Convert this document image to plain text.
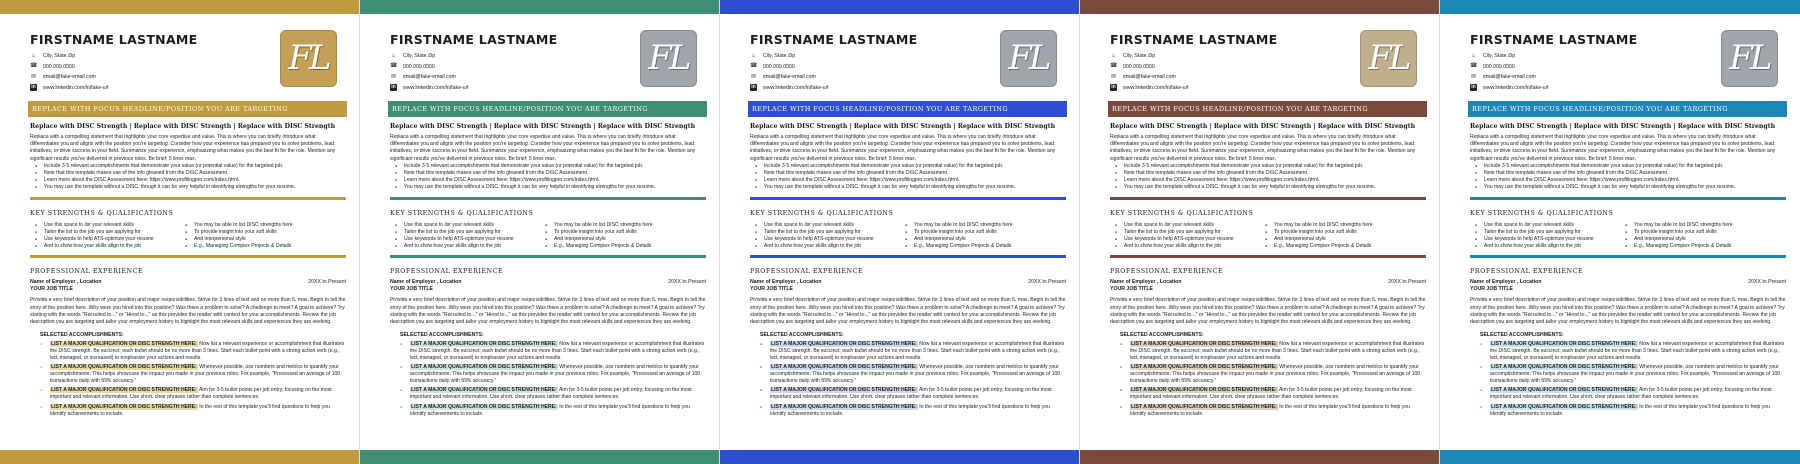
FIRSTNAME LASTNAME
⌂	City, State Zip
☎ 000.000.0000
✉ email@fake-email.com
in www.linkedin.com/in/fake-url
FL
REPLACE WITH FOCUS HEADLINE/POSITION YOU ARE TARGETING
Replace with DISC Strength | Replace with DISC Strength | Replace with DISC Strength
Replace with a compelling statement that highlights your core expertise and value. This is where you can briefly introduce what differentiates you and aligns with the position you're targeting. Consider how your experience has prepared you to solve problems, lead initiatives, or drive success in your field. Summarize your experience, emphasizing what makes you the best fit for the role. Mention any significant results you've delivered in previous roles. Be brief; 5 lines max.
● Include 3-5 relevant accomplishments that demonstrate your value (or potential value) for the targeted job.
● Note that this template makes use of the info gleaned from the DISC Assessment.
● Learn more about the DISC Assessment here: https://www.profilingpro.com/index.html.
● You may use the template without a DISC, though it can be very helpful in identifying strengths for your resume.
KEY STRENGTHS & QUALIFICATIONS
● Use this space to list your relevant skills
● Tailor the list to the job you are applying for
● Use keywords to help ATS-optimize your resume
● And to show how your skills align to the job
● You may be able to list DISC strengths here
● To provide insight into your soft skills
● And interpersonal style
● E.g., Managing Complex Projects & Details
PROFESSIONAL EXPERIENCE
Name of Employer , Location	20XX to Present
YOUR JOB TITLE
Provide a very brief description of your position and major responsibilities. Strive for 3 lines of text and no more than 5, max. Begin to tell the story of the position here. Why were you hired into this position? Was there a problem to solve? A challenge to meet? A goal to achieve? Try starting with the words "Recruited to..." or "Hired to..." as this provides the reader with context for your accomplishments. Review the job description you are targeting and tailor your employment history to highlight the most relevant skills and experiences they are seeking.
SELECTED ACCOMPLISHMENTS:
● LIST A MAJOR QUALIFICATION OR DISC STRENGTH HERE: Now list a relevant experience or accomplishment that illustrates the DISC strength. Be succinct; each bullet should be no more than 3 lines. Start each bullet point with a strong action verb (e.g., led, managed, or increased) to emphasize your actions and results.
● LIST A MAJOR QUALIFICATION OR DISC STRENGTH HERE: Whenever possible, use numbers and metrics to quantify your accomplishments. This helps showcase the impact you made in your previous roles. For example, "Processed an average of 100 transactions daily with 99% accuracy."
● LIST A MAJOR QUALIFICATION OR DISC STRENGTH HERE: Aim for 3-5 bullet points per job entry, focusing on the most important and relevant information. Use short, clear phrases rather than complete sentences.
● LIST A MAJOR QUALIFICATION OR DISC STRENGTH HERE: In the rest of this template you'll find questions to help you identify achievements to include.
FIRSTNAME LASTNAME
⌂	City, State Zip
☎ 000.000.0000
✉ email@fake-email.com
in www.linkedin.com/in/fake-url
FL
REPLACE WITH FOCUS HEADLINE/POSITION YOU ARE TARGETING
Replace with DISC Strength | Replace with DISC Strength | Replace with DISC Strength
Replace with a compelling statement that highlights your core expertise and value. This is where you can briefly introduce what differentiates you and aligns with the position you're targeting. Consider how your experience has prepared you to solve problems, lead initiatives, or drive success in your field. Summarize your experience, emphasizing what makes you the best fit for the role. Mention any significant results you've delivered in previous roles. Be brief; 5 lines max.
● Include 3-5 relevant accomplishments that demonstrate your value (or potential value) for the targeted job.
● Note that this template makes use of the info gleaned from the DISC Assessment.
● Learn more about the DISC Assessment here: https://www.profilingpro.com/index.html.
● You may use the template without a DISC, though it can be very helpful in identifying strengths for your resume.
KEY STRENGTHS & QUALIFICATIONS
● Use this space to list your relevant skills
● Tailor the list to the job you are applying for
● Use keywords to help ATS-optimize your resume
● And to show how your skills align to the job
● You may be able to list DISC strengths here
● To provide insight into your soft skills
● And interpersonal style
● E.g., Managing Complex Projects & Details
PROFESSIONAL EXPERIENCE
Name of Employer , Location	20XX to Present
YOUR JOB TITLE
Provide a very brief description of your position and major responsibilities. Strive for 3 lines of text and no more than 5, max. Begin to tell the story of the position here. Why were you hired into this position? Was there a problem to solve? A challenge to meet? A goal to achieve? Try starting with the words "Recruited to..." or "Hired to..." as this provides the reader with context for your accomplishments. Review the job description you are targeting and tailor your employment history to highlight the most relevant skills and experiences they are seeking.
SELECTED ACCOMPLISHMENTS:
● LIST A MAJOR QUALIFICATION OR DISC STRENGTH HERE: Now list a relevant experience or accomplishment that illustrates the DISC strength. Be succinct; each bullet should be no more than 3 lines. Start each bullet point with a strong action verb (e.g., led, managed, or increased) to emphasize your actions and results.
● LIST A MAJOR QUALIFICATION OR DISC STRENGTH HERE: Whenever possible, use numbers and metrics to quantify your accomplishments. This helps showcase the impact you made in your previous roles. For example, "Processed an average of 100 transactions daily with 99% accuracy."
● LIST A MAJOR QUALIFICATION OR DISC STRENGTH HERE: Aim for 3-5 bullet points per job entry, focusing on the most important and relevant information. Use short, clear phrases rather than complete sentences.
● LIST A MAJOR QUALIFICATION OR DISC STRENGTH HERE: In the rest of this template you'll find questions to help you identify achievements to include.
FIRSTNAME LASTNAME
⌂	City, State Zip
☎ 000.000.0000
✉ email@fake-email.com
in www.linkedin.com/in/fake-url
FL
REPLACE WITH FOCUS HEADLINE/POSITION YOU ARE TARGETING
Replace with DISC Strength | Replace with DISC Strength | Replace with DISC Strength
Replace with a compelling statement that highlights your core expertise and value. This is where you can briefly introduce what differentiates you and aligns with the position you're targeting. Consider how your experience has prepared you to solve problems, lead initiatives, or drive success in your field. Summarize your experience, emphasizing what makes you the best fit for the role. Mention any significant results you've delivered in previous roles. Be brief; 5 lines max.
● Include 3-5 relevant accomplishments that demonstrate your value (or potential value) for the targeted job.
● Note that this template makes use of the info gleaned from the DISC Assessment.
● Learn more about the DISC Assessment here: https://www.profilingpro.com/index.html.
● You may use the template without a DISC, though it can be very helpful in identifying strengths for your resume.
KEY STRENGTHS & QUALIFICATIONS
● Use this space to list your relevant skills
● Tailor the list to the job you are applying for
● Use keywords to help ATS-optimize your resume
● And to show how your skills align to the job
● You may be able to list DISC strengths here
● To provide insight into your soft skills
● And interpersonal style
● E.g., Managing Complex Projects & Details
PROFESSIONAL EXPERIENCE
Name of Employer , Location	20XX to Present
YOUR JOB TITLE
Provide a very brief description of your position and major responsibilities. Strive for 3 lines of text and no more than 5, max. Begin to tell the story of the position here. Why were you hired into this position? Was there a problem to solve? A challenge to meet? A goal to achieve? Try starting with the words "Recruited to..." or "Hired to..." as this provides the reader with context for your accomplishments. Review the job description you are targeting and tailor your employment history to highlight the most relevant skills and experiences they are seeking.
SELECTED ACCOMPLISHMENTS:
● LIST A MAJOR QUALIFICATION OR DISC STRENGTH HERE: Now list a relevant experience or accomplishment that illustrates the DISC strength. Be succinct; each bullet should be no more than 3 lines. Start each bullet point with a strong action verb (e.g., led, managed, or increased) to emphasize your actions and results.
● LIST A MAJOR QUALIFICATION OR DISC STRENGTH HERE: Whenever possible, use numbers and metrics to quantify your accomplishments. This helps showcase the impact you made in your previous roles. For example, "Processed an average of 100 transactions daily with 99% accuracy."
● LIST A MAJOR QUALIFICATION OR DISC STRENGTH HERE: Aim for 3-5 bullet points per job entry, focusing on the most important and relevant information. Use short, clear phrases rather than complete sentences.
● LIST A MAJOR QUALIFICATION OR DISC STRENGTH HERE: In the rest of this template you'll find questions to help you identify achievements to include.
FIRSTNAME LASTNAME
⌂	City, State Zip
☎ 000.000.0000
✉ email@fake-email.com
in www.linkedin.com/in/fake-url
FL
REPLACE WITH FOCUS HEADLINE/POSITION YOU ARE TARGETING
Replace with DISC Strength | Replace with DISC Strength | Replace with DISC Strength
Replace with a compelling statement that highlights your core expertise and value. This is where you can briefly introduce what differentiates you and aligns with the position you're targeting. Consider how your experience has prepared you to solve problems, lead initiatives, or drive success in your field. Summarize your experience, emphasizing what makes you the best fit for the role. Mention any significant results you've delivered in previous roles. Be brief; 5 lines max.
● Include 3-5 relevant accomplishments that demonstrate your value (or potential value) for the targeted job.
● Note that this template makes use of the info gleaned from the DISC Assessment.
● Learn more about the DISC Assessment here: https://www.profilingpro.com/index.html.
● You may use the template without a DISC, though it can be very helpful in identifying strengths for your resume.
KEY STRENGTHS & QUALIFICATIONS
● Use this space to list your relevant skills
● Tailor the list to the job you are applying for
● Use keywords to help ATS-optimize your resume
● And to show how your skills align to the job
● You may be able to list DISC strengths here
● To provide insight into your soft skills
● And interpersonal style
● E.g., Managing Complex Projects & Details
PROFESSIONAL EXPERIENCE
Name of Employer , Location	20XX to Present
YOUR JOB TITLE
Provide a very brief description of your position and major responsibilities. Strive for 3 lines of text and no more than 5, max. Begin to tell the story of the position here. Why were you hired into this position? Was there a problem to solve? A challenge to meet? A goal to achieve? Try starting with the words "Recruited to..." or "Hired to..." as this provides the reader with context for your accomplishments. Review the job description you are targeting and tailor your employment history to highlight the most relevant skills and experiences they are seeking.
SELECTED ACCOMPLISHMENTS:
● LIST A MAJOR QUALIFICATION OR DISC STRENGTH HERE: Now list a relevant experience or accomplishment that illustrates the DISC strength. Be succinct; each bullet should be no more than 3 lines. Start each bullet point with a strong action verb (e.g., led, managed, or increased) to emphasize your actions and results.
● LIST A MAJOR QUALIFICATION OR DISC STRENGTH HERE: Whenever possible, use numbers and metrics to quantify your accomplishments. This helps showcase the impact you made in your previous roles. For example, "Processed an average of 100 transactions daily with 99% accuracy."
● LIST A MAJOR QUALIFICATION OR DISC STRENGTH HERE: Aim for 3-5 bullet points per job entry, focusing on the most important and relevant information. Use short, clear phrases rather than complete sentences.
● LIST A MAJOR QUALIFICATION OR DISC STRENGTH HERE: In the rest of this template you'll find questions to help you identify achievements to include.
FIRSTNAME LASTNAME
⌂	City, State Zip
☎ 000.000.0000
✉ email@fake-email.com
in www.linkedin.com/in/fake-url
FL
REPLACE WITH FOCUS HEADLINE/POSITION YOU ARE TARGETING
Replace with DISC Strength | Replace with DISC Strength | Replace with DISC Strength
Replace with a compelling statement that highlights your core expertise and value. This is where you can briefly introduce what differentiates you and aligns with the position you're targeting. Consider how your experience has prepared you to solve problems, lead initiatives, or drive success in your field. Summarize your experience, emphasizing what makes you the best fit for the role. Mention any significant results you've delivered in previous roles. Be brief; 5 lines max.
● Include 3-5 relevant accomplishments that demonstrate your value (or potential value) for the targeted job.
● Note that this template makes use of the info gleaned from the DISC Assessment.
● Learn more about the DISC Assessment here: https://www.profilingpro.com/index.html.
● You may use the template without a DISC, though it can be very helpful in identifying strengths for your resume.
KEY STRENGTHS & QUALIFICATIONS
● Use this space to list your relevant skills
● Tailor the list to the job you are applying for
● Use keywords to help ATS-optimize your resume
● And to show how your skills align to the job
● You may be able to list DISC strengths here
● To provide insight into your soft skills
● And interpersonal style
● E.g., Managing Complex Projects & Details
PROFESSIONAL EXPERIENCE
Name of Employer , Location	20XX to Present
YOUR JOB TITLE
Provide a very brief description of your position and major responsibilities. Strive for 3 lines of text and no more than 5, max. Begin to tell the story of the position here. Why were you hired into this position? Was there a problem to solve? A challenge to meet? A goal to achieve? Try starting with the words "Recruited to..." or "Hired to..." as this provides the reader with context for your accomplishments. Review the job description you are targeting and tailor your employment history to highlight the most relevant skills and experiences they are seeking.
SELECTED ACCOMPLISHMENTS:
● LIST A MAJOR QUALIFICATION OR DISC STRENGTH HERE: Now list a relevant experience or accomplishment that illustrates the DISC strength. Be succinct; each bullet should be no more than 3 lines. Start each bullet point with a strong action verb (e.g., led, managed, or increased) to emphasize your actions and results.
● LIST A MAJOR QUALIFICATION OR DISC STRENGTH HERE: Whenever possible, use numbers and metrics to quantify your accomplishments. This helps showcase the impact you made in your previous roles. For example, "Processed an average of 100 transactions daily with 99% accuracy."
● LIST A MAJOR QUALIFICATION OR DISC STRENGTH HERE: Aim for 3-5 bullet points per job entry, focusing on the most important and relevant information. Use short, clear phrases rather than complete sentences.
● LIST A MAJOR QUALIFICATION OR DISC STRENGTH HERE: In the rest of this template you'll find questions to help you identify achievements to include.
